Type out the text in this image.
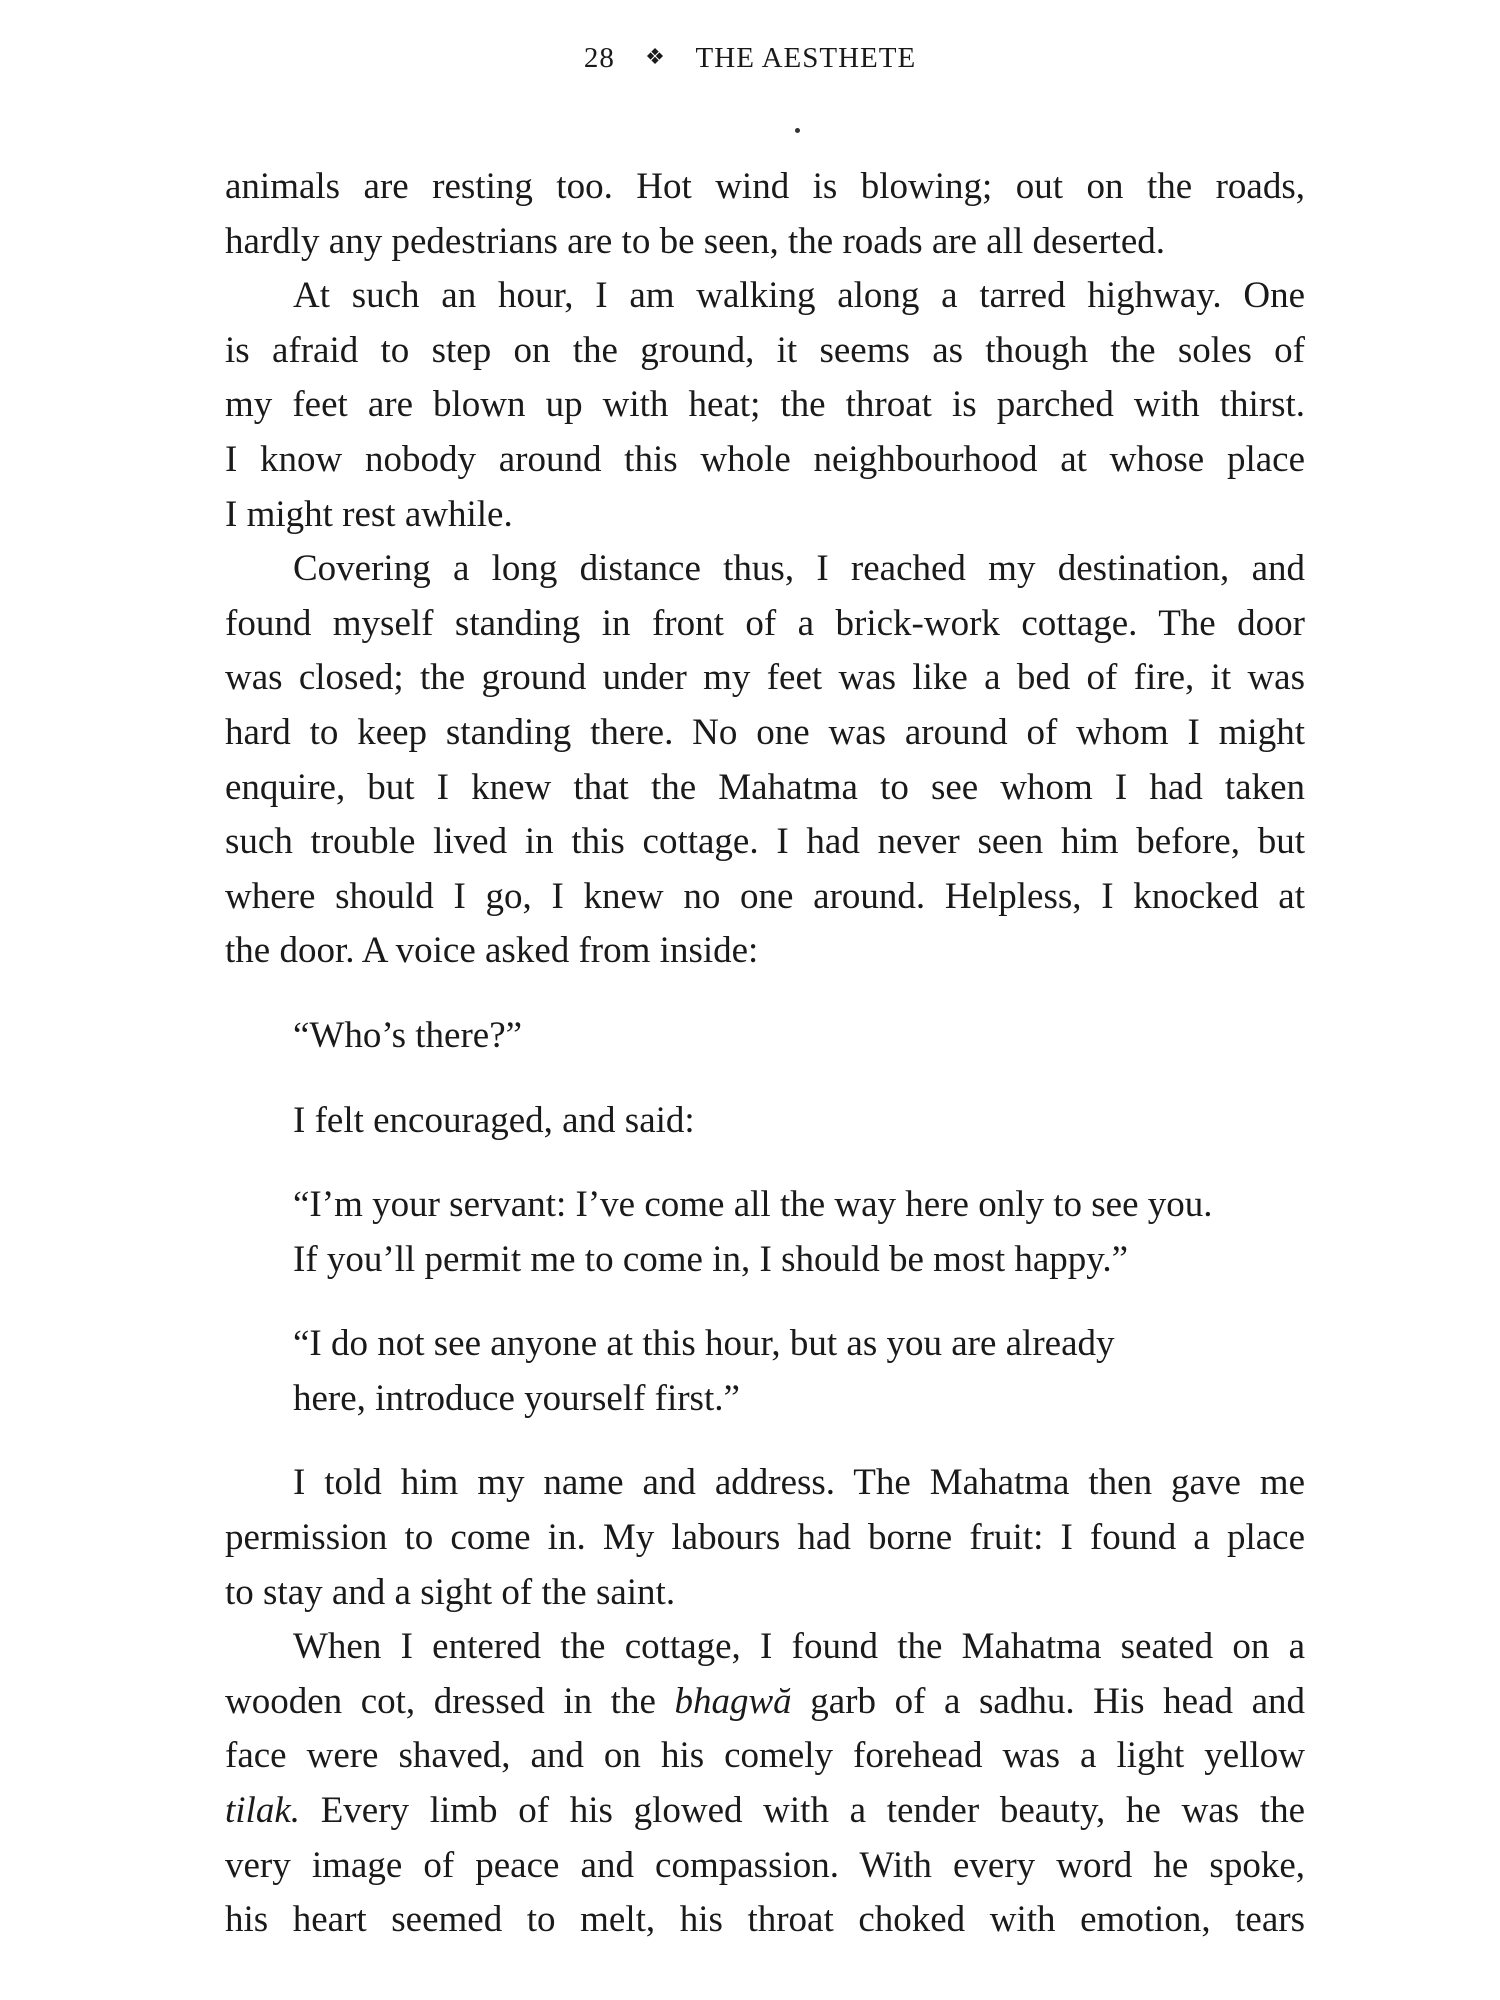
28 ❖ THE AESTHETE
animals are resting too. Hot wind is blowing; out on the roads,
hardly any pedestrians are to be seen, the roads are all deserted.
At such an hour, I am walking along a tarred highway. One
is afraid to step on the ground, it seems as though the soles of
my feet are blown up with heat; the throat is parched with thirst.
I know nobody around this whole neighbourhood at whose place
I might rest awhile.
Covering a long distance thus, I reached my destination, and
found myself standing in front of a brick-work cottage. The door
was closed; the ground under my feet was like a bed of fire, it was
hard to keep standing there. No one was around of whom I might
enquire, but I knew that the Mahatma to see whom I had taken
such trouble lived in this cottage. I had never seen him before, but
where should I go, I knew no one around. Helpless, I knocked at
the door. A voice asked from inside:
“Who’s there?”
I felt encouraged, and said:
“I’m your servant: I’ve come all the way here only to see you.
If you’ll permit me to come in, I should be most happy.”
“I do not see anyone at this hour, but as you are already
here, introduce yourself first.”
I told him my name and address. The Mahatma then gave me
permission to come in. My labours had borne fruit: I found a place
to stay and a sight of the saint.
When I entered the cottage, I found the Mahatma seated on a
wooden cot, dressed in the bhagwă garb of a sadhu. His head and
face were shaved, and on his comely forehead was a light yellow
tilak. Every limb of his glowed with a tender beauty, he was the
very image of peace and compassion. With every word he spoke,
his heart seemed to melt, his throat choked with emotion, tears
